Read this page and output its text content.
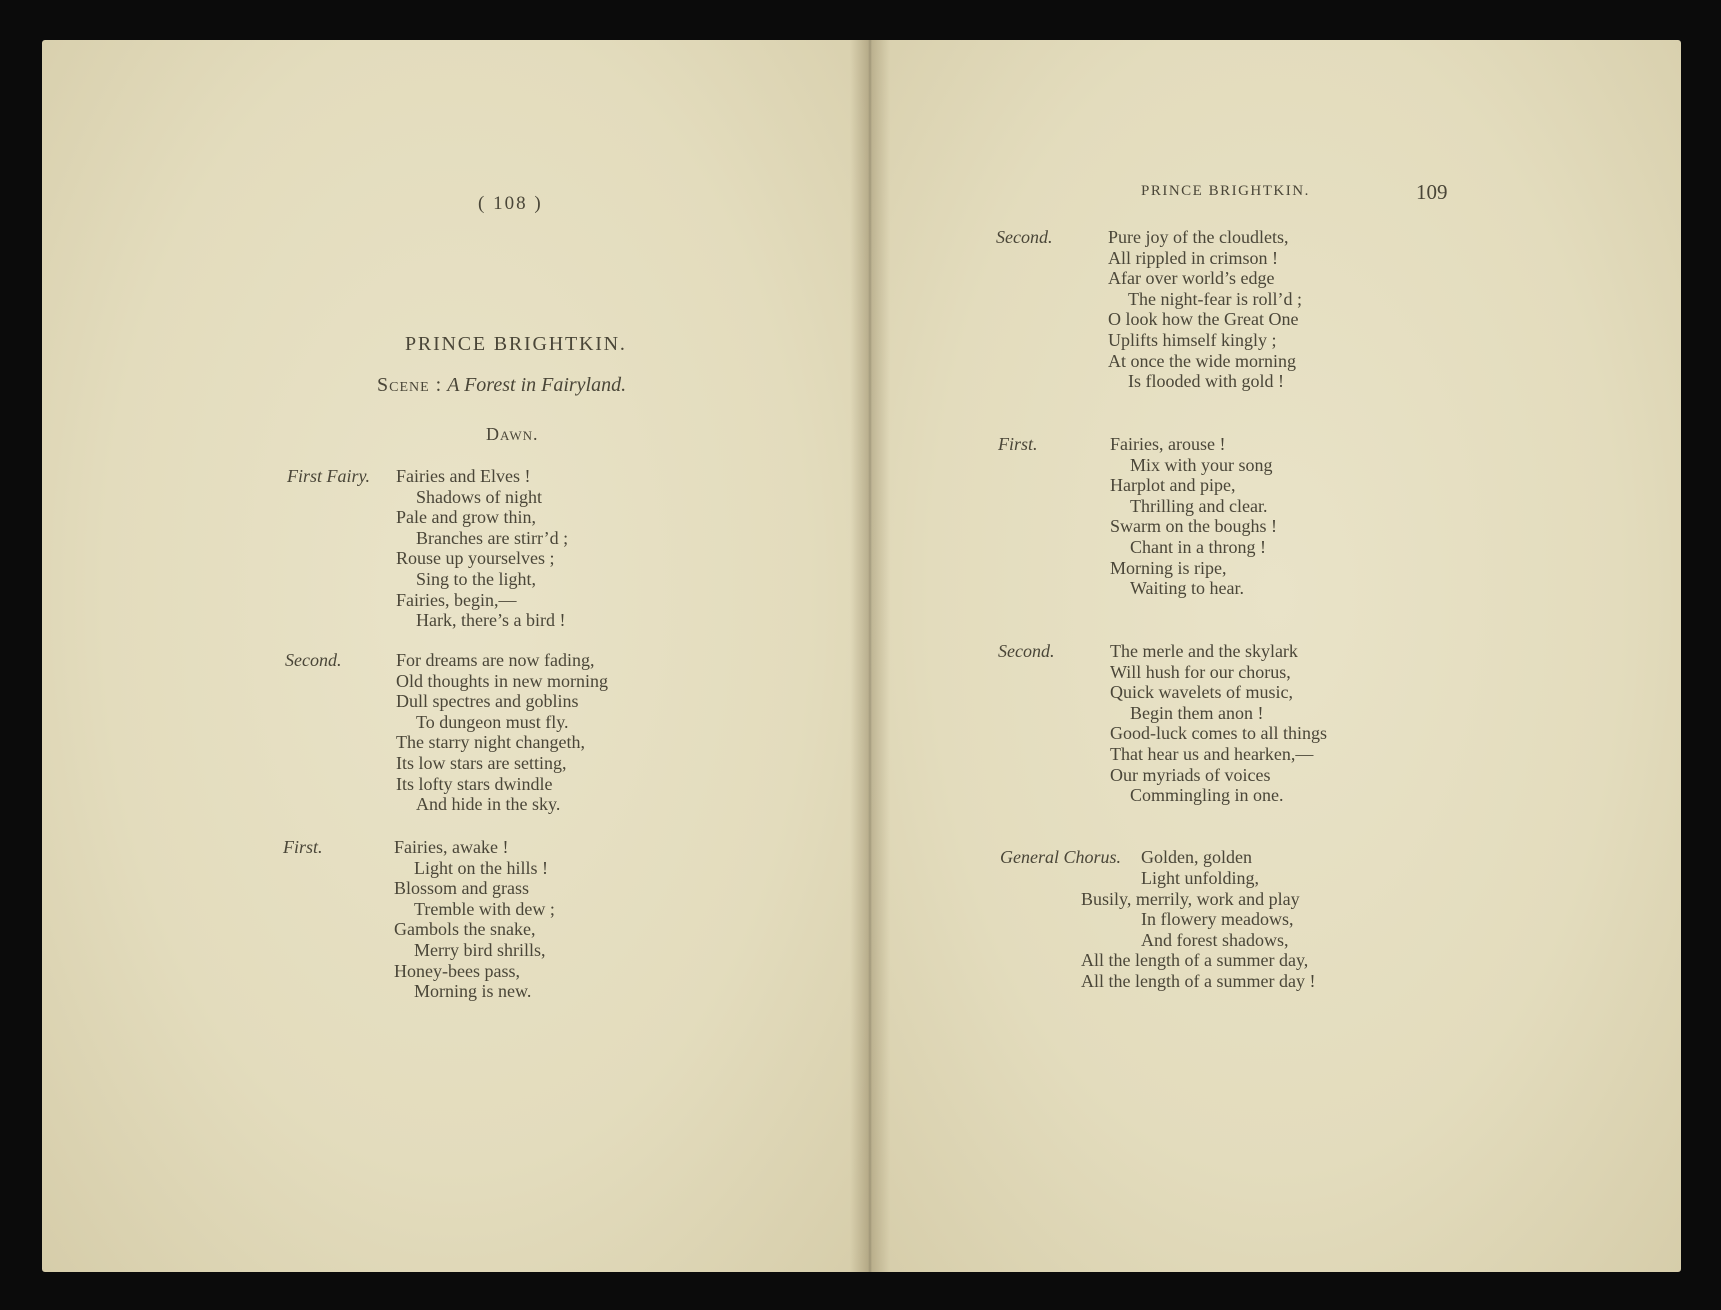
( 108 )
PRINCE BRIGHTKIN.
Scene : A Forest in Fairyland.
Dawn.
First Fairy. Fairies and Elves !
Shadows of night
Pale and grow thin,
Branches are stirr’d ;
Rouse up yourselves ;
Sing to the light,
Fairies, begin,—
Hark, there’s a bird !
Second.	For dreams are now fading,
Old thoughts in new morning
Dull spectres and goblins
To dungeon must fly.
The starry night changeth,
Its low stars are setting,
Its lofty stars dwindle
And hide in the sky.
First.	Fairies, awake !
Light on the hills !
Blossom and grass
Tremble with dew ;
Gambols the snake,
Merry bird shrills,
Honey-bees pass,
Morning is new.
PRINCE BRIGHTKIN.	109
Second.	Pure joy of the cloudlets,
All rippled in crimson !
Afar over world’s edge
The night-fear is roll’d ;
O look how the Great One
Uplifts himself kingly ;
At once the wide morning
Is flooded with gold !
First.	Fairies, arouse !
Mix with your song
Harplot and pipe,
Thrilling and clear.
Swarm on the boughs !
Chant in a throng !
Morning is ripe,
Waiting to hear.
Second.	The merle and the skylark
Will hush for our chorus,
Quick wavelets of music,
Begin them anon !
Good-luck comes to all things
That hear us and hearken,—
Our myriads of voices
Commingling in one.
General Chorus. Golden, golden
Light unfolding,
Busily, merrily, work and play
In flowery meadows,
And forest shadows,
All the length of a summer day,
All the length of a summer day !
